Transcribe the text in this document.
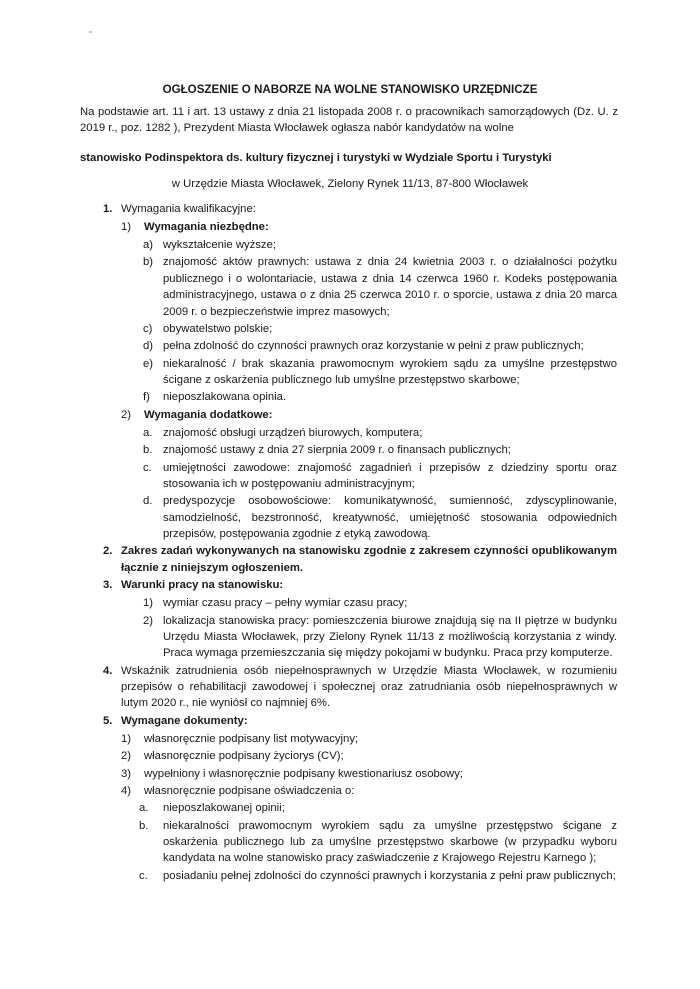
OGŁOSZENIE O NABORZE NA WOLNE STANOWISKO URZĘDNICZE
Na podstawie art. 11 i art. 13 ustawy z dnia 21 listopada 2008 r. o pracownikach samorządowych (Dz. U. z 2019 r., poz. 1282 ), Prezydent Miasta Włocławek ogłasza nabór kandydatów na wolne
stanowisko Podinspektora ds. kultury fizycznej i turystyki w Wydziale Sportu i Turystyki
w Urzędzie Miasta Włocławek, Zielony Rynek 11/13, 87-800 Włocławek
1. Wymagania kwalifikacyjne:
1) Wymagania niezbędne:
a) wykształcenie wyższe;
b) znajomość aktów prawnych: ustawa z dnia 24 kwietnia 2003 r. o działalności pożytku publicznego i o wolontariacie, ustawa z dnia 14 czerwca 1960 r. Kodeks postępowania administracyjnego, ustawa o z dnia 25 czerwca 2010 r. o sporcie, ustawa z dnia 20 marca 2009 r. o bezpieczeństwie imprez masowych;
c) obywatelstwo polskie;
d) pełna zdolność do czynności prawnych oraz korzystanie w pełni z praw publicznych;
e) niekaralność / brak skazania prawomocnym wyrokiem sądu za umyślne przestępstwo ścigane z oskarżenia publicznego lub umyślne przestępstwo skarbowe;
f) nieposzlakowana opinia.
2) Wymagania dodatkowe:
a. znajomość obsługi urządzeń biurowych, komputera;
b. znajomość ustawy z dnia 27 sierpnia 2009 r. o finansach publicznych;
c. umiejętności zawodowe: znajomość zagadnień i przepisów z dziedziny sportu oraz stosowania ich w postępowaniu administracyjnym;
d. predyspozycje osobowościowe: komunikatywność, sumienność, zdyscyplinowanie, samodzielność, bezstronność, kreatywność, umiejętność stosowania odpowiednich przepisów, postępowania zgodnie z etyką zawodową.
2. Zakres zadań wykonywanych na stanowisku zgodnie z zakresem czynności opublikowanym łącznie z niniejszym ogłoszeniem.
3. Warunki pracy na stanowisku:
1) wymiar czasu pracy – pełny wymiar czasu pracy;
2) lokalizacja stanowiska pracy: pomieszczenia biurowe znajdują się na II piętrze w budynku Urzędu Miasta Włocławek, przy Zielony Rynek 11/13 z możliwością korzystania z windy. Praca wymaga przemieszczania się między pokojami w budynku. Praca przy komputerze.
4. Wskaźnik zatrudnienia osób niepełnosprawnych w Urzędzie Miasta Włocławek, w rozumieniu przepisów o rehabilitacji zawodowej i społecznej oraz zatrudniania osób niepełnosprawnych w lutym 2020 r., nie wyniósł co najmniej 6%.
5. Wymagane dokumenty:
1) własnoręcznie podpisany list motywacyjny;
2) własnoręcznie podpisany życiorys (CV);
3) wypełniony i własnoręcznie podpisany kwestionariusz osobowy;
4) własnoręcznie podpisane oświadczenia o:
a. nieposzlakowanej opinii;
b. niekaralności prawomocnym wyrokiem sądu za umyślne przestępstwo ścigane z oskarżenia publicznego lub za umyślne przestępstwo skarbowe (w przypadku wyboru kandydata na wolne stanowisko pracy zaświadczenie z Krajowego Rejestru Karnego );
c. posiadaniu pełnej zdolności do czynności prawnych i korzystania z pełni praw publicznych;
